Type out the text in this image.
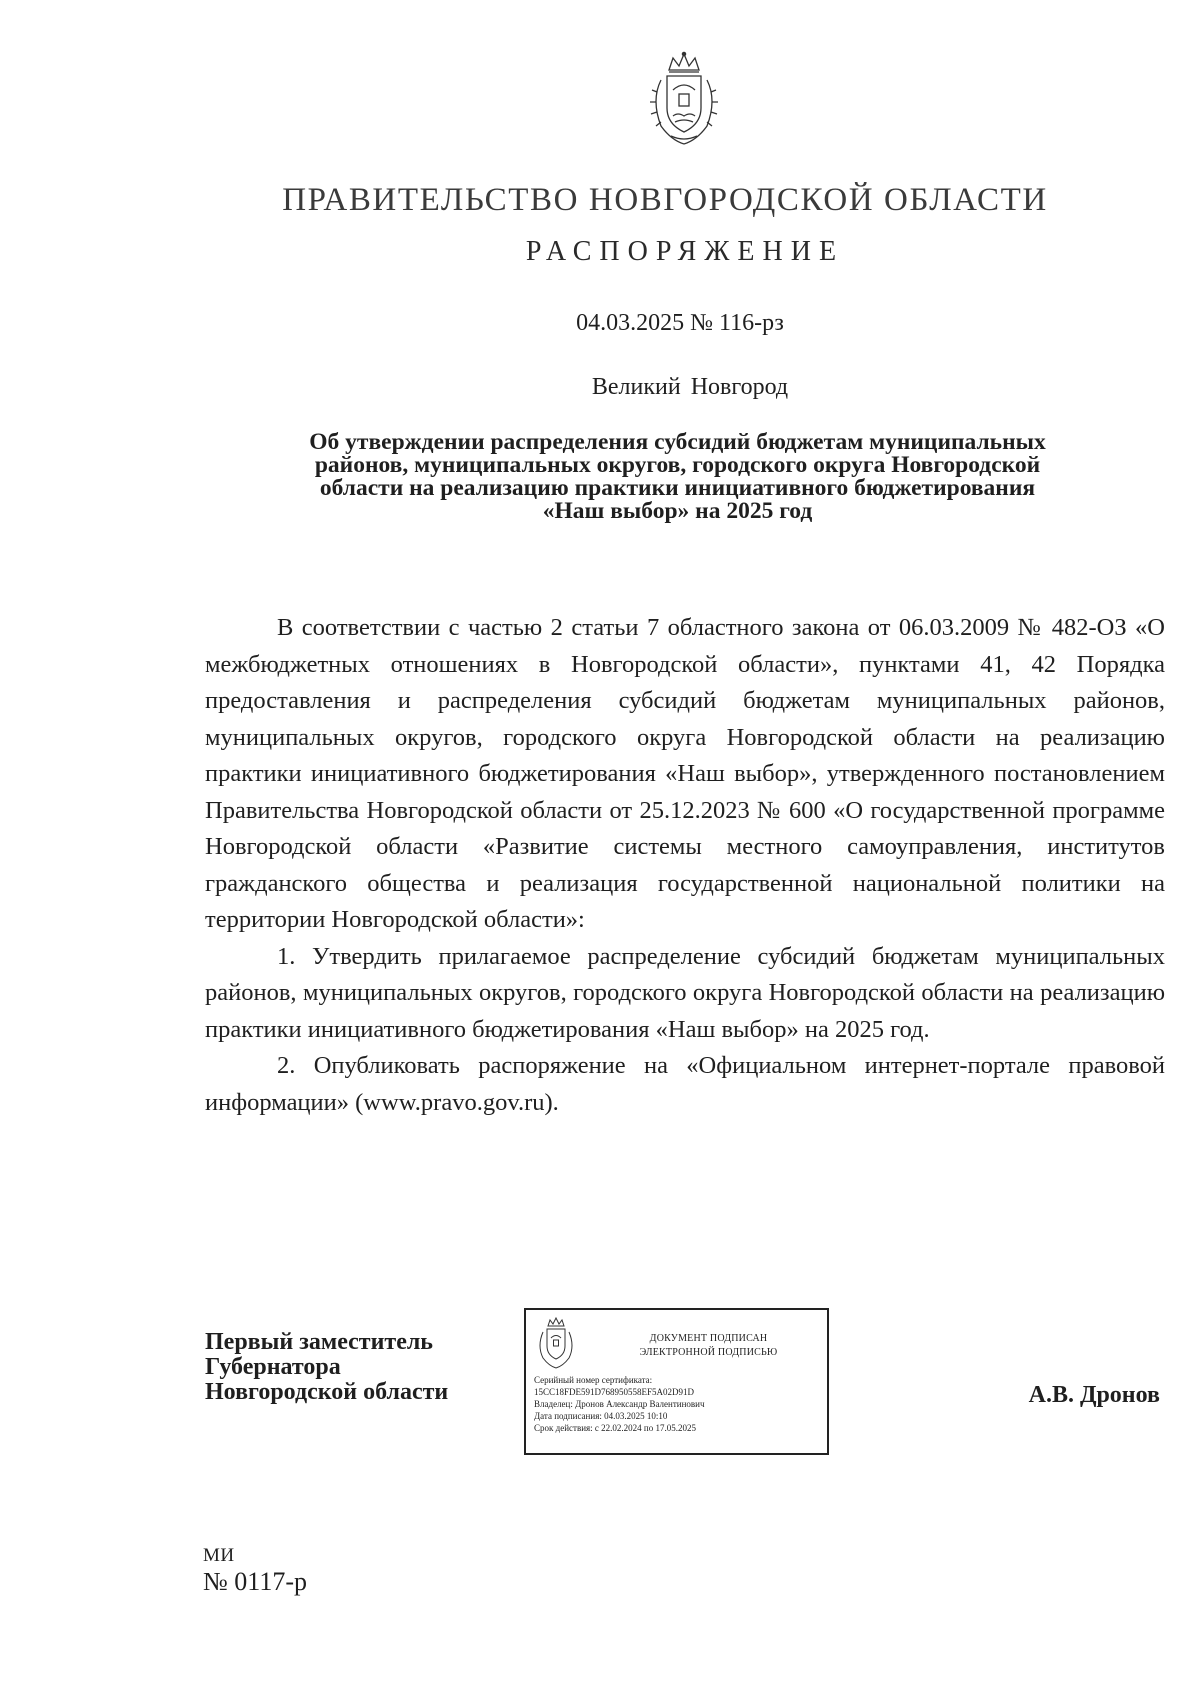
ПРАВИТЕЛЬСТВО НОВГОРОДСКОЙ ОБЛАСТИ
РАСПОРЯЖЕНИЕ
04.03.2025 № 116-рз
Великий Новгород
Об утверждении распределения субсидий бюджетам муниципальных
районов, муниципальных округов, городского округа Новгородской
области на реализацию практики инициативного бюджетирования
«Наш выбор» на 2025 год

В соответствии с частью 2 статьи 7 областного закона от 06.03.2009 № 482-ОЗ «О межбюджетных отношениях в Новгородской области», пунктами 41, 42 Порядка предоставления и распределения субсидий бюджетам муниципальных районов, муниципальных округов, городского округа Новгородской области на реализацию практики инициативного бюджетирования «Наш выбор», утвержденного постановлением Правительства Новгородской области от 25.12.2023 № 600 «О государственной программе Новгородской области «Развитие системы местного самоуправления, институтов гражданского общества и реализация государственной национальной политики на территории Новгородской области»:

1. Утвердить прилагаемое распределение субсидий бюджетам муниципальных районов, муниципальных округов, городского округа Новгородской области на реализацию практики инициативного бюджетирования «Наш выбор» на 2025 год.

2. Опубликовать распоряжение на «Официальном интернет-портале правовой информации» (www.pravo.gov.ru).

Первый заместитель
Губернатора
Новгородской области
ДОКУМЕНТ ПОДПИСАН
ЭЛЕКТРОННОЙ ПОДПИСЬЮ
Серийный номер сертификата:
15CC18FDE591D768950558EF5A02D91D
Владелец: Дронов Александр Валентинович
Дата подписания: 04.03.2025 10:10
Срок действия: с 22.02.2024 по 17.05.2025
А.В. Дронов
МИ
№ 0117-р
